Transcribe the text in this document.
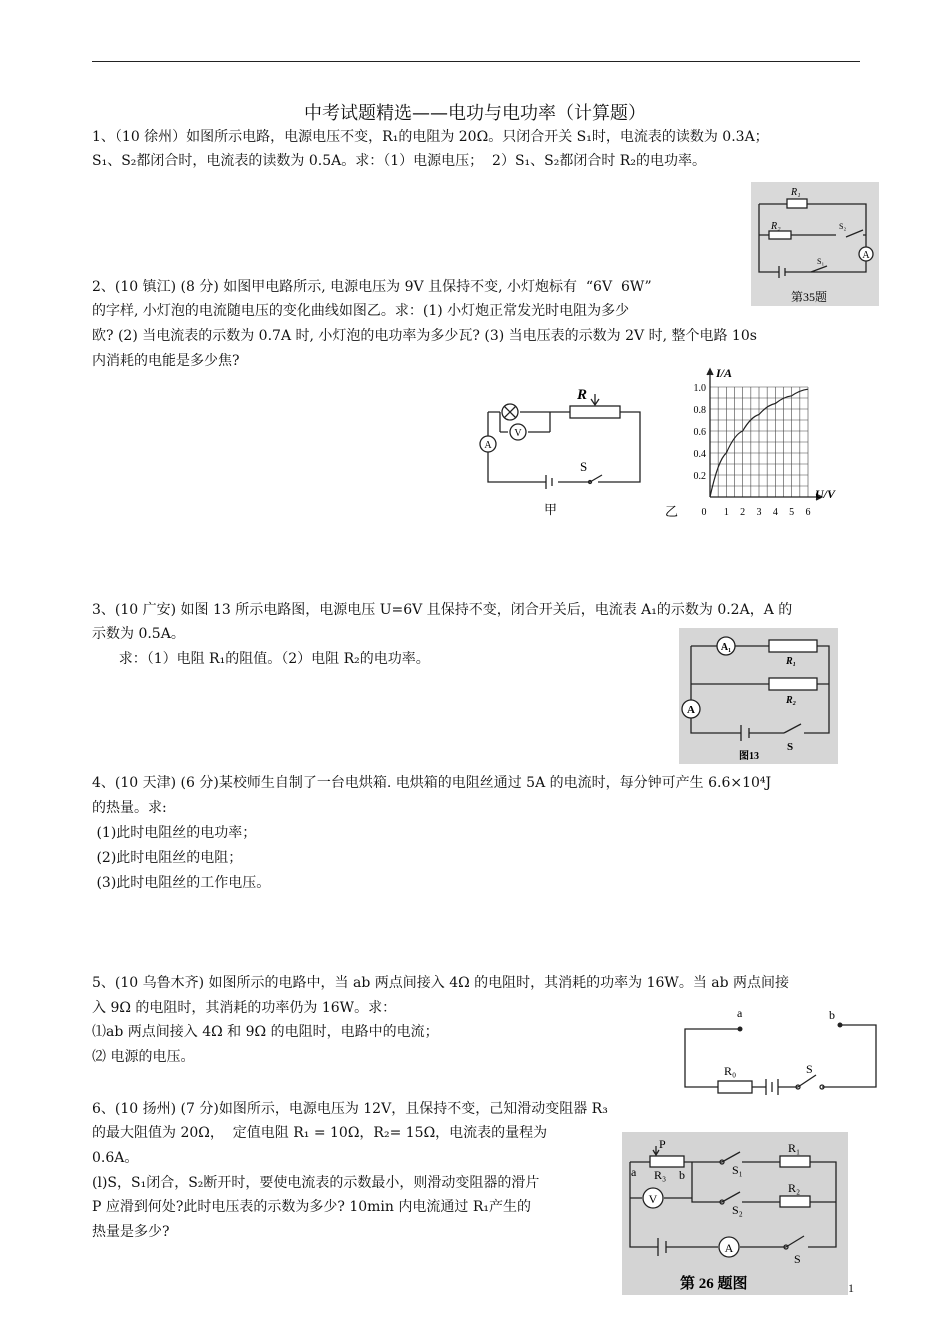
中考试题精选——电功与电功率（计算题）
1、（10 徐州）如图所示电路，电源电压不变，R₁的电阻为 20Ω。只闭合开关 S₁时，电流表的读数为 0.3A；
S₁、S₂都闭合时，电流表的读数为 0.5A。求：（1）电源电压；  2）S₁、S₂都闭合时 R₂的电功率。
A
R₁
R₂	S₂
S₁
第35题
2、(10 镇江) (8 分) 如图甲电路所示, 电源电压为 9V 且保持不变, 小灯炮标有  “6V  6W”
的字样, 小灯泡的电流随电压的变化曲线如图乙。求：(1) 小灯炮正常发光时电阻为多少
欧? (2) 当电流表的示数为 0.7A 时, 小灯泡的电功率为多少瓦? (3) 当电压表的示数为 2V 时, 整个电路 10s
内消耗的电能是多少焦?
V
R
A
S
甲	0 1 2 3 4 5 6
0.2
0.4
0.6
0.8
1.0
I/A
U/V
乙
3、(10 广安) 如图 13 所示电路图，电源电压 U=6V 且保持不变，闭合开关后，电流表 A₁的示数为 0.2A，A 的
示数为 0.5A。
求：（1）电阻 R₁的阻值。（2）电阻 R₂的电功率。
A₁
R₁
R₂
A
S
图13
4、(10 天津) (6 分)某校师生自制了一台电烘箱. 电烘箱的电阻丝通过 5A 的电流时，每分钟可产生 6.6×10⁴J
的热量。求:
(1)此时电阻丝的电功率；
(2)此时电阻丝的电阻；
(3)此时电阻丝的工作电压。
5、(10 乌鲁木齐) 如图所示的电路中，当 ab 两点间接入 4Ω 的电阻时，其消耗的功率为 16W。当 ab 两点间接
入 9Ω 的电阻时，其消耗的功率仍为 16W。求：
⑴ab 两点间接入 4Ω 和 9Ω 的电阻时，电路中的电流；
⑵ 电源的电压。
a	b
R₀	S
6、(10 扬州) (7 分)如图所示，电源电压为 12V，且保持不变，己知滑动变阻器 R₃
的最大阻值为 20Ω，  定值电阻 R₁ = 10Ω，R₂= 15Ω，电流表的量程为
0.6A。
(l)S，S₁闭合，S₂断开时，要使电流表的示数最小，则滑动变阻器的滑片
P 应滑到何处?此时电压表的示数为多少? 10min 内电流通过 R₁产生的
热量是多少?
P
R₃
a	b
V
S₁
S₂
R₁
R₂
A
S
第 26 题图	1
